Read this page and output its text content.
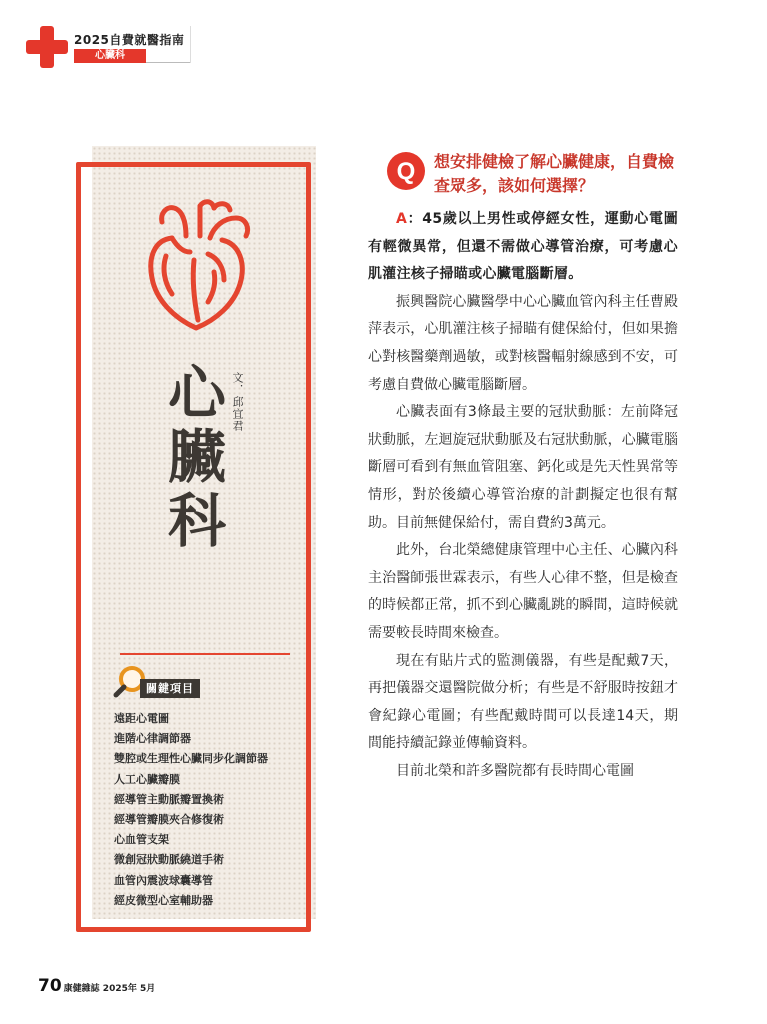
2025自費就醫指南
心臟科
文．邱宜君
心臟科
關鍵項目
遠距心電圖
進階心律調節器
雙腔或生理性心臟同步化調節器
人工心臟瓣膜
經導管主動脈瓣置換術
經導管瓣膜夾合修復術
心血管支架
微創冠狀動脈繞道手術
血管內震波球囊導管
經皮微型心室輔助器
Q 想安排健檢了解心臟健康，自費檢查眾多，該如何選擇？

A：45歲以上男性或停經女性，運動心電圖有輕微異常，但還不需做心導管治療，可考慮心肌灌注核子掃瞄或心臟電腦斷層。

振興醫院心臟醫學中心心臟血管內科主任曹殿萍表示，心肌灌注核子掃瞄有健保給付，但如果擔心對核醫藥劑過敏，或對核醫輻射線感到不安，可考慮自費做心臟電腦斷層。

心臟表面有3條最主要的冠狀動脈：左前降冠狀動脈，左迴旋冠狀動脈及右冠狀動脈，心臟電腦斷層可看到有無血管阻塞、鈣化或是先天性異常等情形，對於後續心導管治療的計劃擬定也很有幫助。目前無健保給付，需自費約3萬元。

此外，台北榮總健康管理中心主任、心臟內科主治醫師張世霖表示，有些人心律不整，但是檢查的時候都正常，抓不到心臟亂跳的瞬間，這時候就需要較長時間來檢查。

現在有貼片式的監測儀器，有些是配戴7天，再把儀器交還醫院做分析；有些是不舒服時按鈕才會紀錄心電圖；有些配戴時間可以長達14天，期間能持續記錄並傳輸資料。

目前北榮和許多醫院都有長時間心電圖

70 康健雜誌 2025年 5月
